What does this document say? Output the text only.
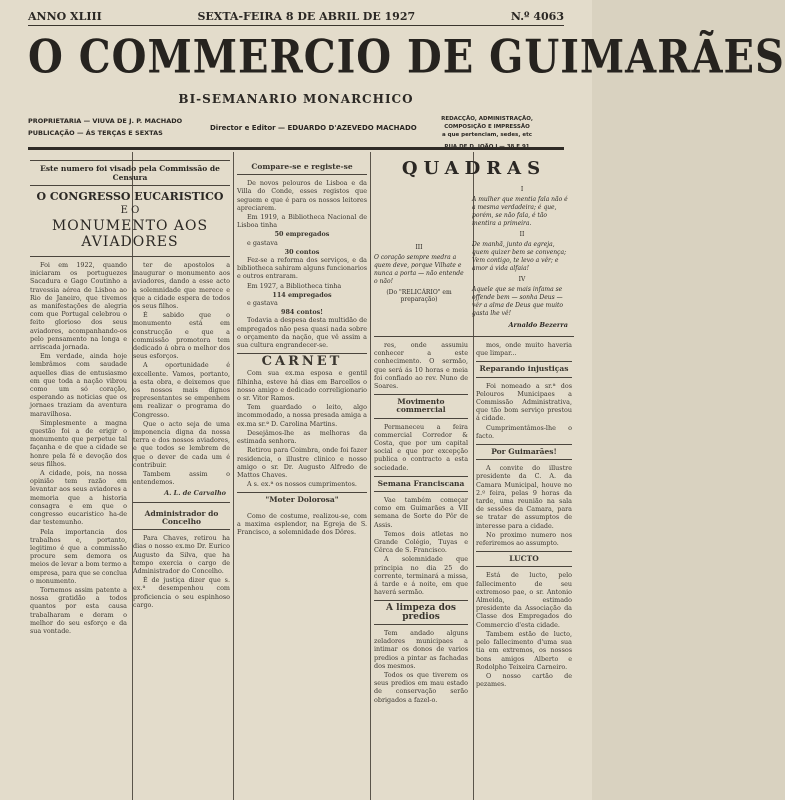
ANNO XLIII	SEXTA-FEIRA 8 DE ABRIL DE 1927	N.º 4063
O COMMERCIO DE GUIMARÃES
BI-SEMANARIO MONARCHICO
PROPRIETARIA — VIUVA DE J. P. MACHADO
PUBLICAÇÃO — ÁS TERÇAS E SEXTAS
Director e Editor — EDUARDO D'AZEVEDO MACHADO
REDACÇÃO, ADMINISTRAÇÃO, COMPOSIÇÃO E IMPRESSÃO
a que pertenciam, sedes, etc
Este numero foi visado pela Commissão de Censura
O CONGRESSO EUCARISTICO
E O
MONUMENTO AOS AVIADORES

Foi em 1922, quando iniciaram os portuguezes Sacadura e Gago Coutinho a travessia aérea de Lisboa ao Rio de Janeiro, que tivemos as manifestações de alegria com que Portugal celebrou o feito glorioso dos seus aviadores, acompanhando-os pelo pensamento na longa e arriscada jornada.

Em verdade, ainda hoje lembrâmos com saudade aquelles dias de entusiasmo em que toda a nação vibrou como um só coração, esperando as noticias que os jornaes traziam da aventura maravilhosa.

Simplesmente a magna questão foi a de erigir o monumento que perpetue tal façanha e de que a cidade se honre pela fé e devoção dos seus filhos.

A cidade, pois, na nossa opinião tem razão em levantar aos seus aviadores a memoria que a historia consagra e em que o congresso eucaristico ha-de dar testemunho.

Pela importancia dos trabalhos e, portanto, legitimo é que a commissão procure sem demora os meios de levar a bom termo a empresa, para que se conclua o monumento.

Tornemos assim patente a nossa gratidão a todos quantos por esta causa trabalharam e deram o melhor do seu esforço e da sua vontade.

ter de apostolos a inaugurar o monumento aos aviadores, dando a esse acto a solemnidade que merece e que a cidade espera de todos os seus filhos.

É sabido que o monumento está em construcção e que a commissão promotora tem dedicado á obra o melhor dos seus esforços.

A oportunidade é excellente. Vamos, portanto, a esta obra, e deixemos que os nossos mais dignos representantes se empenhem em realizar o programa do Congresso.

Que o acto seja de uma imponencia digna da nossa terra e dos nossos aviadores, e que todos se lembrem de que o dever de cada um é contribuir.

Tambem assim o entendemos.

A. L. de Carvalho
Administrador do Concelho

Para Chaves, retirou ha dias o nosso ex.mo Dr. Eurico Augusto da Silva, que ha tempo exercia o cargo de Administrador do Concelho.

É de justiça dizer que s. ex.ª desempenhou com proficiencia o seu espinhoso cargo.

Compare-se e registe-se

De novos pelouros de Lisboa e da Villa do Conde, esses registos que seguem e que é para os nossos leitores apreciarem.

Em 1919, a Bibliotheca Nacional de Lisboa tinha

50 empregados

e gastava

30 contos

Fez-se a reforma dos serviços, e da bibliotheca sahiram alguns funcionarios e outros entraram.

Em 1927, a Bibliotheca tinha

114 empregados

e gastava

984 contos!

Todavia a despesa desta multidão de empregados não pesa quasi nada sobre o orçamento da nação, que vê assim a sua cultura engrandecer-se.

CARNET

Com sua ex.ma esposa e gentil filhinha, esteve há dias em Barcellos o nosso amigo e dedicado correligionario o sr. Vitor Ramos.

Tem guardado o leito, algo incommodado, a nossa presada amiga a ex.ma sr.ª D. Carolina Martins.

Desejâmos-lhe as melhoras da estimada senhora.

Retirou para Coimbra, onde foi fazer residencia, o illustre clinico e nosso amigo o sr. Dr. Augusto Alfredo de Mattos Chaves.

A s. ex.ª os nossos cumprimentos.

"Moter Dolorosa"

Como de costume, realizou-se, com a maxima esplendor, na Egreja de S. Francisco, a solemnidade dos Dôres.

QUADRAS
III
O coração sempre medra a quem deve, porque Vilhate e nunca a porta — não entende o não!
(Do "RELICÁRIO" em preparação)
I
A mulher que mentia fala não é a mesma verdadeira; é que, porém, se não fala, é tão mentira a primeira.
II
De manhã, junto da egreja, quem quizer bem se convença; Vem contigo, te levo a vêr; e amor á vida alfaia!
IV
Aquele que se mais infama se offende bem — sonha Deus — vêr a alma de Deus que muito gasta lhe vê!
Arnaldo Bezerra

res, onde assumiu conhecer a este conhecimento. O sermão, que será ás 10 horas e meia foi confiado ao rev. Nuno de Soares.

Movimento commercial

Permaneceu a feira commercial Corredor & Costa, que por um capital social e que por excepção publica o contracto a esta sociedade.

Semana Franciscana

Vae também começar como em Guimarães a VII semana de Sorte do Pôr de Assis.

Temos dois atletas no Grande Colégio, Tuyas e Cêrca de S. Francisco.

A solemnidade que principia no dia 25 do corrente, terminará a missa, á tarde e á noite, em que haverá sermão.

A limpeza dos predios

Tem andado alguns zeladores municipaes a intimar os donos de varios predios a pintar as fachadas dos mesmos.

Todos os que tiverem os seus predios em mau estado de conservação serão obrigados a fazel-o.

mos, onde muito haveria que limpar...

Reparando injustiças

Foi nomeado a sr.ª dos Pelouros Municipaes a Commissão Administrativa, que tão bom serviço prestou á cidade.

Cumprimentâmos-lhe o facto.

Por Guimarães!

A convite do illustre presidente da C. A. da Camara Municipal, houve no 2.º feira, pelas 9 horas da tarde, uma reunião na sala de sessões da Camara, para se tratar de assumptos de interesse para a cidade.

No proximo numero nos referiremos ao assumpto.

LUCTO

Está de lucto, pelo fallecimento de seu extremoso pae, o sr. Antonio Almeida, estimado presidente da Associação da Classe dos Empregados do Commercio d'esta cidade.

Tambem estão de lucto, pelo fallecimento d'uma sua tia em extremos, os nossos bons amigos Alberto e Rodolpho Teixeira Carneiro.

O nosso cartão de pezames.
